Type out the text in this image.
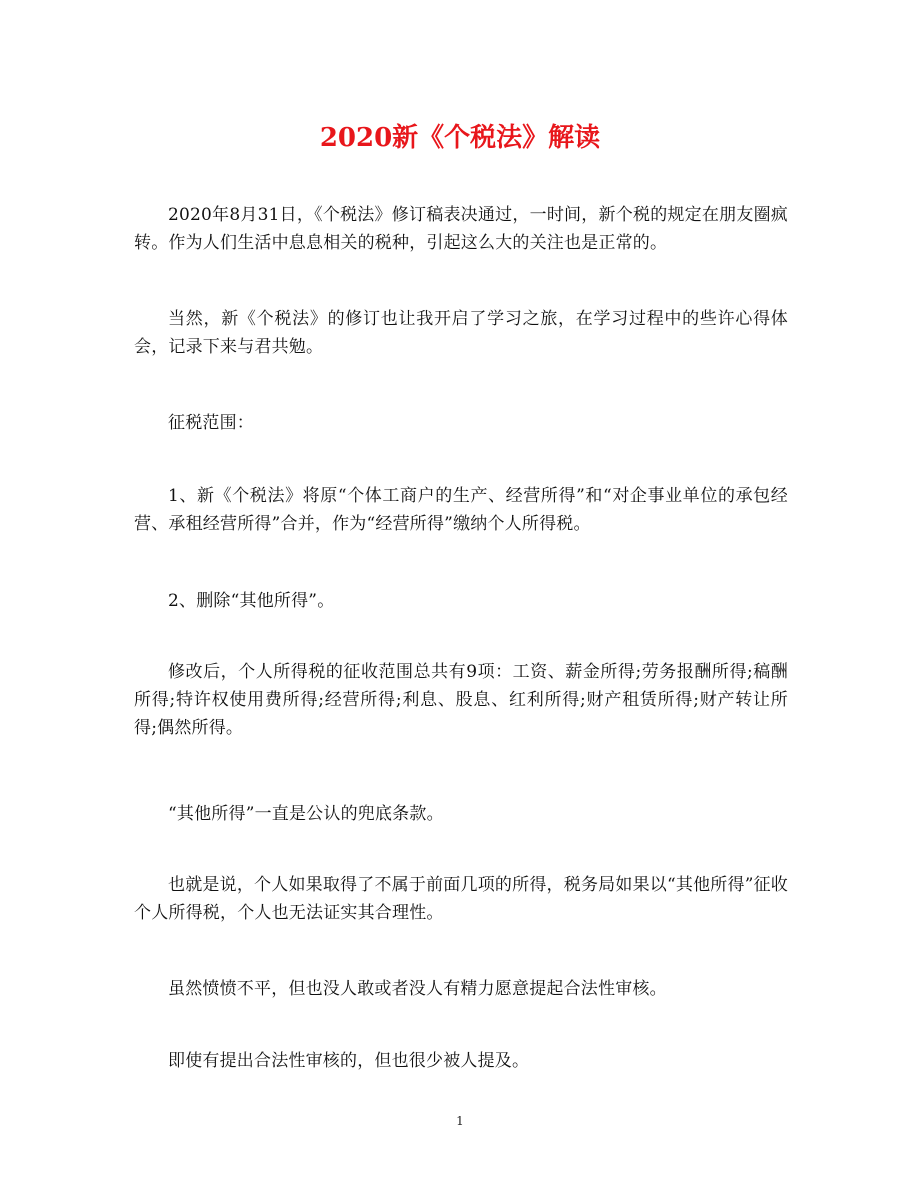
2020新《个税法》解读

2020年8月31日，《个税法》修订稿表决通过，一时间，新个税的规定在朋友圈疯转。作为人们生活中息息相关的税种，引起这么大的关注也是正常的。

当然，新《个税法》的修订也让我开启了学习之旅，在学习过程中的些许心得体会，记录下来与君共勉。

征税范围：

1、新《个税法》将原“个体工商户的生产、经营所得”和“对企事业单位的承包经营、承租经营所得”合并，作为“经营所得”缴纳个人所得税。

2、删除“其他所得”。

修改后，个人所得税的征收范围总共有9项：工资、薪金所得;劳务报酬所得;稿酬所得;特许权使用费所得;经营所得;利息、股息、红利所得;财产租赁所得;财产转让所得;偶然所得。

“其他所得”一直是公认的兜底条款。

也就是说，个人如果取得了不属于前面几项的所得，税务局如果以“其他所得”征收个人所得税，个人也无法证实其合理性。

虽然愤愤不平，但也没人敢或者没人有精力愿意提起合法性审核。

即使有提出合法性审核的，但也很少被人提及。

1
